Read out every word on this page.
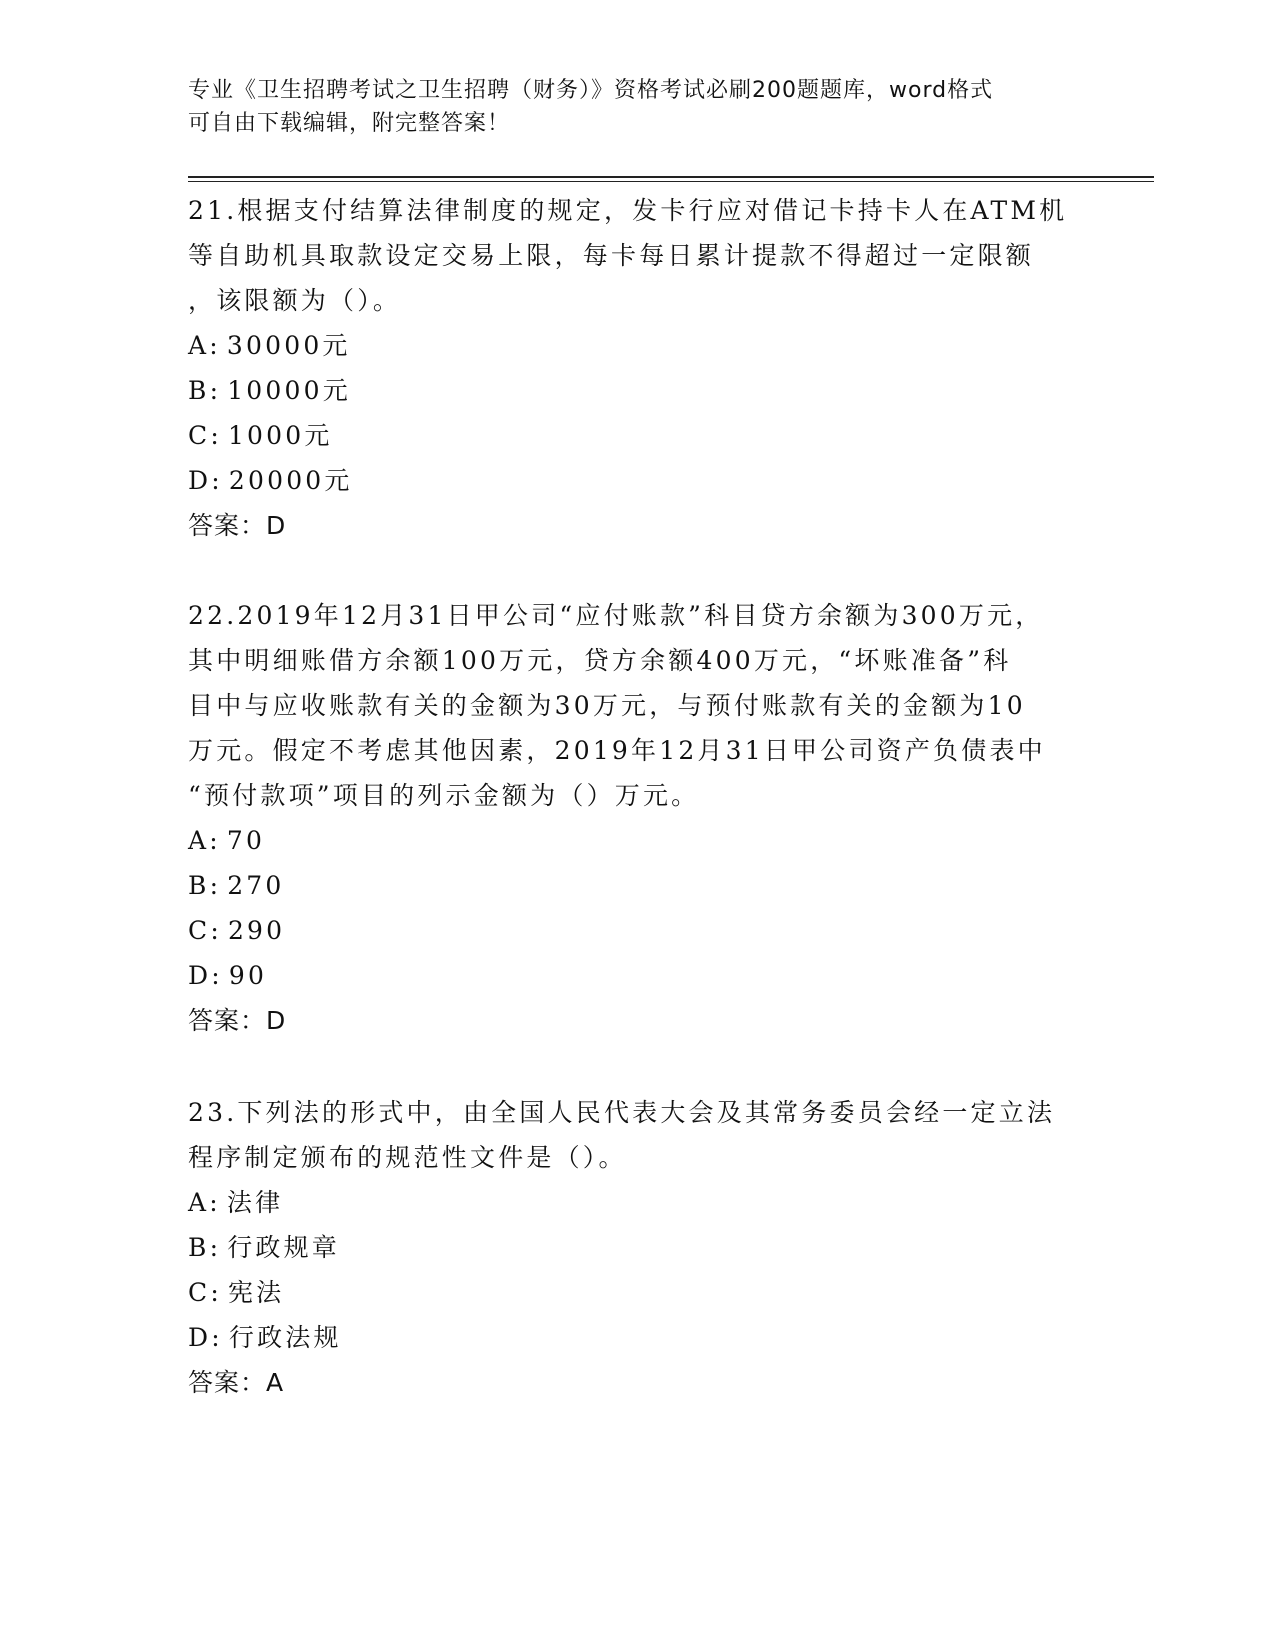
专业《卫生招聘考试之卫生招聘（财务）》资格考试必刷200题题库，word格式
可自由下载编辑，附完整答案！
21.根据支付结算法律制度的规定，发卡行应对借记卡持卡人在ATM机
等自助机具取款设定交易上限，每卡每日累计提款不得超过一定限额
，该限额为（）。
A: 30000元
B: 10000元
C: 1000元
D: 20000元
答案：D
22.2019年12月31日甲公司“应付账款”科目贷方余额为300万元，
其中明细账借方余额100万元，贷方余额400万元，“坏账准备”科
目中与应收账款有关的金额为30万元，与预付账款有关的金额为10
万元。假定不考虑其他因素，2019年12月31日甲公司资产负债表中
“预付款项”项目的列示金额为（）万元。
A: 70
B: 270
C: 290
D: 90
答案：D
23.下列法的形式中，由全国人民代表大会及其常务委员会经一定立法
程序制定颁布的规范性文件是（）。
A: 法律
B: 行政规章
C: 宪法
D: 行政法规
答案：A
